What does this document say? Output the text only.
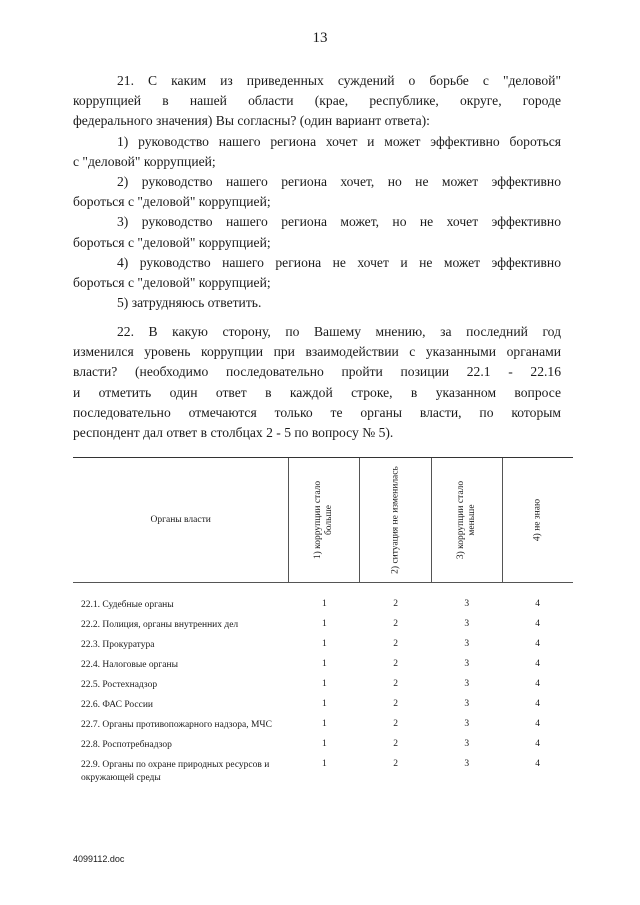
13

21. С каким из приведенных суждений о борьбе с "деловой"

коррупцией в нашей области (крае, республике, округе, городе

федерального значения) Вы согласны? (один вариант ответа):

1) руководство нашего региона хочет и может эффективно бороться

с "деловой" коррупцией;

2) руководство нашего региона хочет, но не может эффективно

бороться с "деловой" коррупцией;

3) руководство нашего региона может, но не хочет эффективно

бороться с "деловой" коррупцией;

4) руководство нашего региона не хочет и не может эффективно

бороться с "деловой" коррупцией;

5) затрудняюсь ответить.

22. В какую сторону, по Вашему мнению, за последний год

изменился уровень коррупции при взаимодействии с указанными органами

власти? (необходимо последовательно пройти позиции 22.1 - 22.16

и отметить один ответ в каждой строке, в указанном вопросе

последовательно отмечаются только те органы власти, по которым

респондент дал ответ в столбцах 2 - 5 по вопросу № 5).

Органы власти	1) коррупции стало больше	2) ситуация не изменилась	3) коррупции стало меньше	4) не знаю

22.1. Судебные органы	1	2	3	4
22.2. Полиция, органы внутренних дел	1	2	3	4
22.3. Прокуратура	1	2	3	4
22.4. Налоговые органы	1	2	3	4
22.5. Ростехнадзор	1	2	3	4
22.6. ФАС России	1	2	3	4
22.7. Органы противопожарного надзора, МЧС	1	2	3	4
22.8. Роспотребнадзор	1	2	3	4
22.9. Органы по охране природных ресурсов и окружающей среды	1	2	3	4
4099112.doc
